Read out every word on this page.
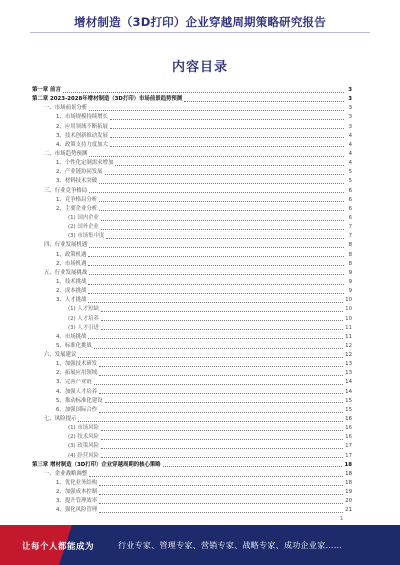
增材制造（3D打印）企业穿越周期策略研究报告
内容目录
第一章 前言	3
第二章 2023-2028年增材制造（3D打印）市场前景趋势预测	3
一、市场前景分析	3
1、市场规模持续增长	3
2、应用领域不断拓展	3
3、技术创新推动发展	4
4、政策支持力度加大	4
二、市场趋势预测	4
1、个性化定制需求增加	4
2、产业链协同发展	5
3、材料技术突破	5
三、行业竞争格局	6
1、竞争格局分析	6
2、主要企业分析	6
(1) 国内企业	6
(2) 国外企业	7
(3) 市场集中度	7
四、行业发展机遇	8
1、政策机遇	8
2、市场机遇	8
五、行业发展挑战	9
1、技术挑战	9
2、成本挑战	9
3、人才挑战	10
(1) 人才短缺	10
(2) 人才培养	10
(3) 人才引进	11
4、市场挑战	11
5、标准化挑战	12
六、发展建议	12
1、加强技术研发	13
2、拓展应用领域	13
3、完善产业链	14
4、加强人才培养	14
5、推动标准化建设	15
6、加强国际合作	15
七、风险提示	16
(1) 市场风险	16
(2) 技术风险	16
(3) 政策风险	17
(4) 经营风险	17
第三章 增材制造（3D打印）企业穿越周期的核心策略	18
一、企业战略调整	18
1、优化业务结构	18
2、加强成本控制	19
3、提升管理效率	20
4、强化风险管理	21
1
让每个人都能成为	行业专家、管理专家、营销专家、战略专家、成功企业家……
